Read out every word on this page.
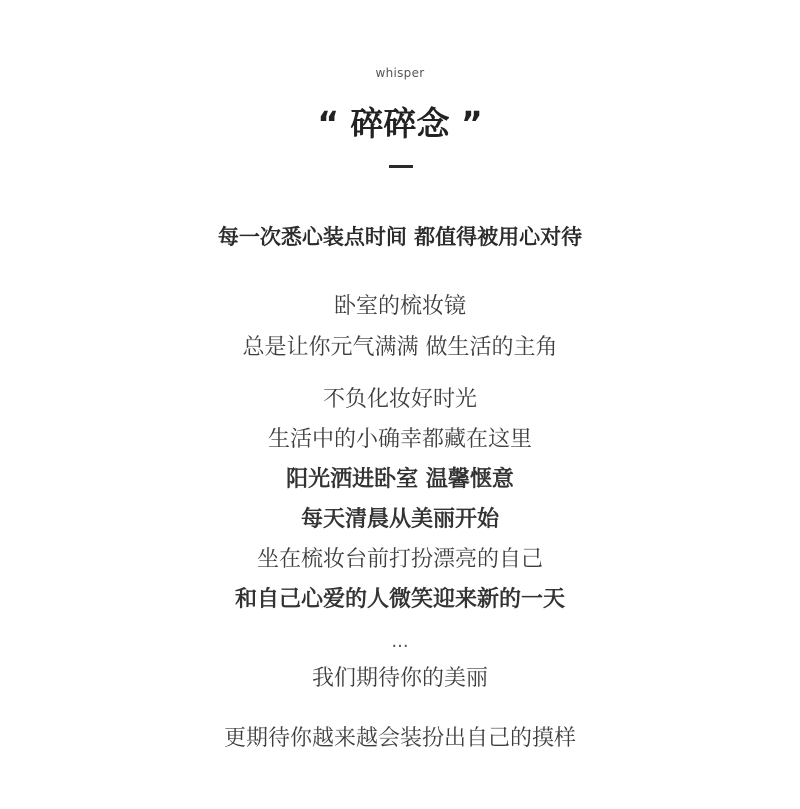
whisper
“ 碎碎念 ”
每一次悉心装点时间 都值得被用心对待
卧室的梳妆镜
总是让你元气满满 做生活的主角
不负化妆好时光
生活中的小确幸都藏在这里
阳光洒进卧室 温馨惬意
每天清晨从美丽开始
坐在梳妆台前打扮漂亮的自己
和自己心爱的人微笑迎来新的一天
...
我们期待你的美丽
更期待你越来越会装扮出自己的摸样
